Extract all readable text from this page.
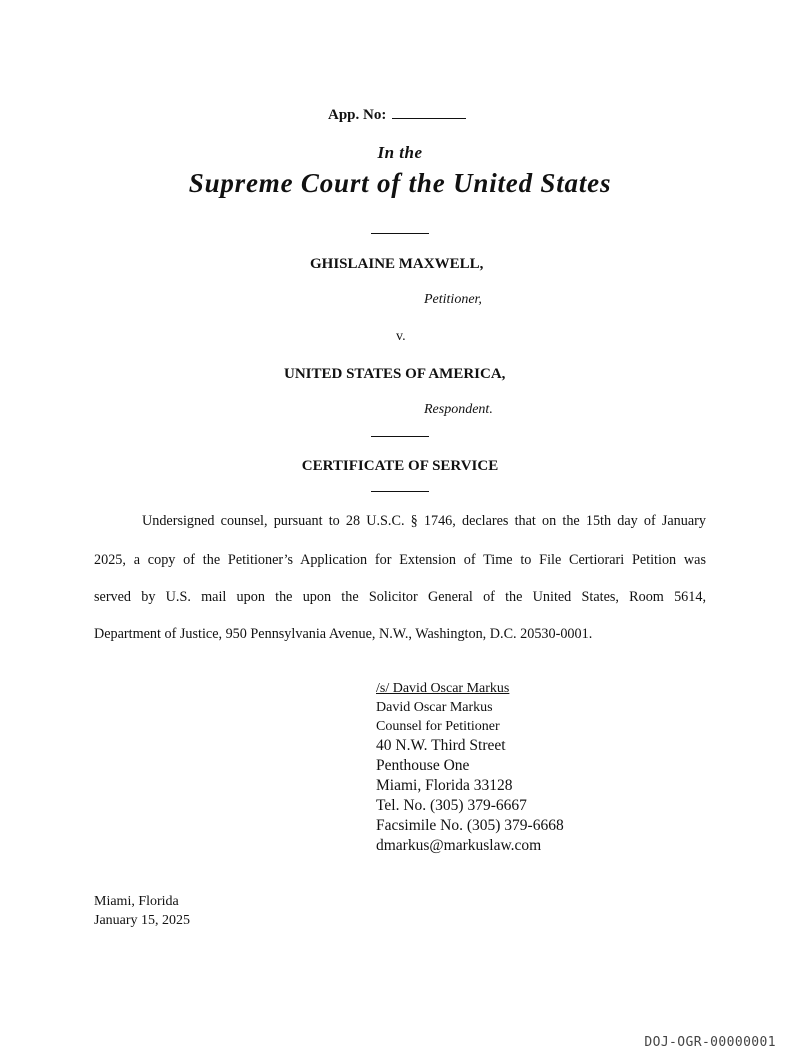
App. No:
In the
Supreme Court of the United States
GHISLAINE MAXWELL,
Petitioner,
v.
UNITED STATES OF AMERICA,
Respondent.
CERTIFICATE OF SERVICE
Undersigned counsel, pursuant to 28 U.S.C. § 1746, declares that on the 15th day of January
2025, a copy of the Petitioner’s Application for Extension of Time to File Certiorari Petition was
served by U.S. mail upon the upon the Solicitor General of the United States, Room 5614,
Department of Justice, 950 Pennsylvania Avenue, N.W., Washington, D.C. 20530-0001.
/s/ David Oscar Markus
David Oscar Markus
Counsel for Petitioner
40 N.W. Third Street
Penthouse One
Miami, Florida 33128
Tel. No. (305) 379-6667
Facsimile No. (305) 379-6668
dmarkus@markuslaw.com
Miami, Florida
January 15, 2025
DOJ-OGR-00000001
